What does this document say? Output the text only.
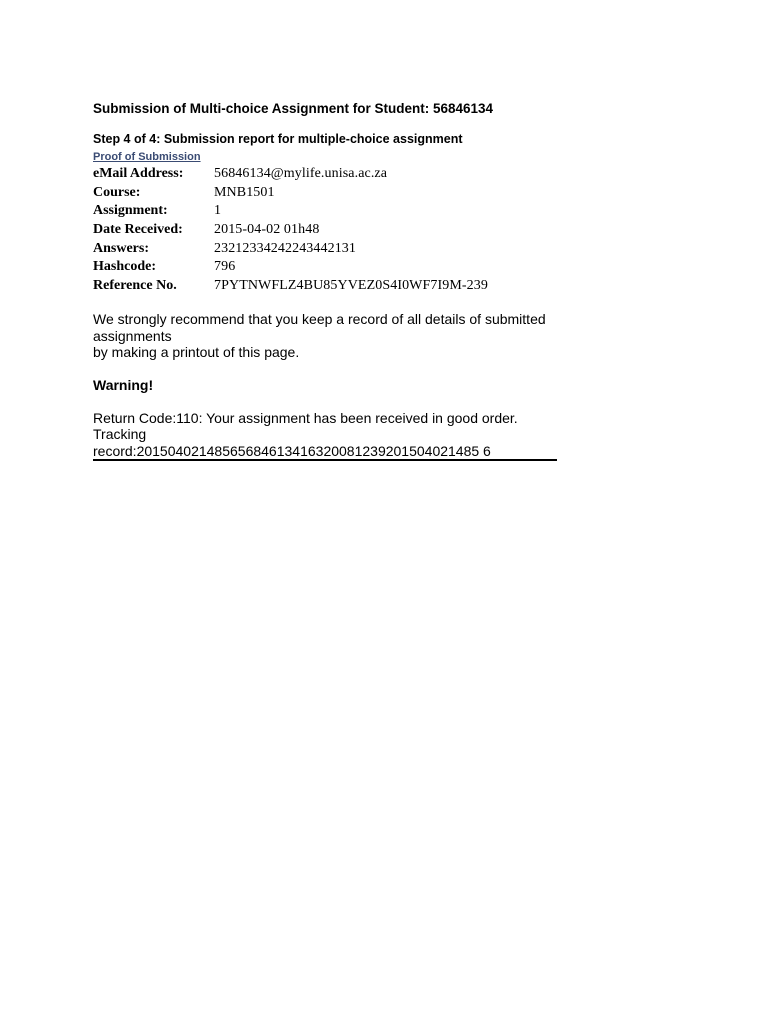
Submission of Multi-choice Assignment for Student: 56846134

Step 4 of 4: Submission report for multiple-choice assignment

Proof of Submission
eMail Address:	56846134@mylife.unisa.ac.za
Course:	MNB1501
Assignment:	1
Date Received:	2015-04-02 01h48
Answers:	23212334242243442131
Hashcode:	796
Reference No.	7PYTNWFLZ4BU85YVEZ0S4I0WF7I9M-239
We strongly recommend that you keep a record of all details of submitted assignments
by making a printout of this page.
Warning!
Return Code:110: Your assignment has been received in good order.
Tracking
record:20150402148565684613416320081239201504021485 6
